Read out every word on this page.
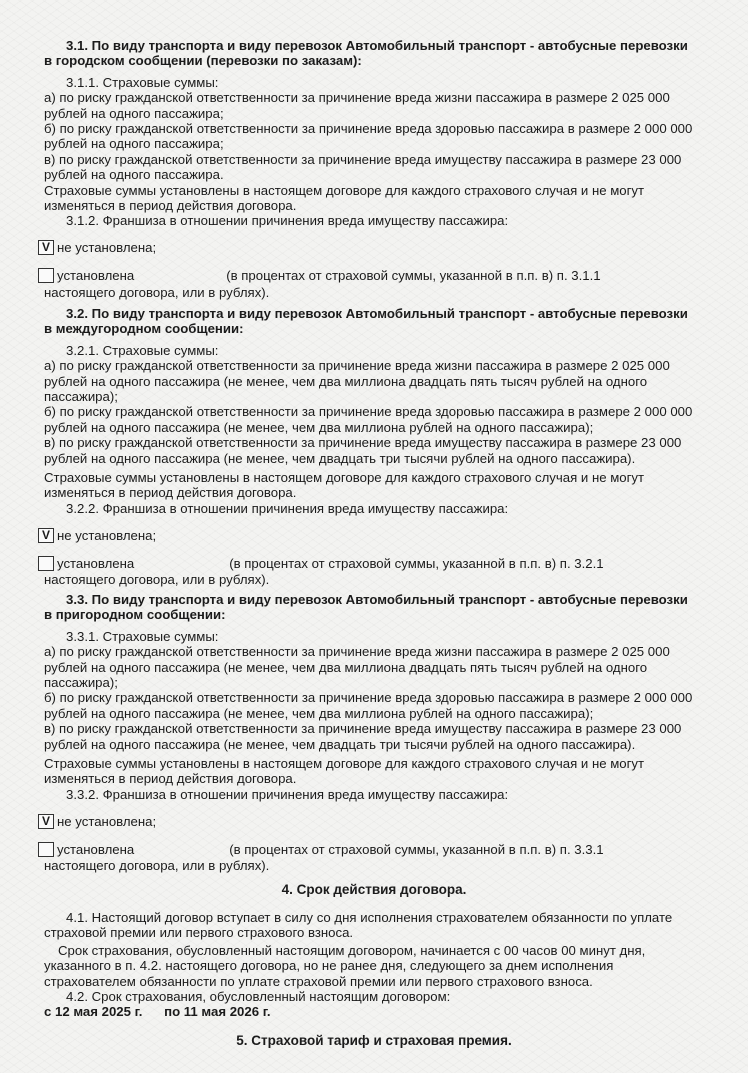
3.1. По виду транспорта и виду перевозок Автомобильный транспорт - автобусные перевозки

в городском сообщении (перевозки по заказам):

3.1.1. Страховые суммы:

а) по риску гражданской ответственности за причинение вреда жизни пассажира в размере 2 025 000

рублей на одного пассажира;

б) по риску гражданской ответственности за причинение вреда здоровью пассажира в размере 2 000 000

рублей на одного пассажира;

в) по риску гражданской ответственности за причинение вреда имуществу пассажира в размере 23 000

рублей на одного пассажира.

Страховые суммы установлены в настоящем договоре для каждого страхового случая и не могут

изменяться в период действия договора.

3.1.2. Франшиза в отношении причинения вреда имуществу пассажира:

V не установлена;
установлена	(в процентах от страховой суммы, указанной в п.п. в) п. 3.1.1

настоящего договора, или в рублях).

3.2. По виду транспорта и виду перевозок Автомобильный транспорт - автобусные перевозки

в междугородном сообщении:

3.2.1. Страховые суммы:

а) по риску гражданской ответственности за причинение вреда жизни пассажира в размере 2 025 000

рублей на одного пассажира (не менее, чем два миллиона двадцать пять тысяч рублей на одного

пассажира);

б) по риску гражданской ответственности за причинение вреда здоровью пассажира в размере 2 000 000

рублей на одного пассажира (не менее, чем два миллиона рублей на одного пассажира);

в) по риску гражданской ответственности за причинение вреда имуществу пассажира в размере 23 000

рублей на одного пассажира (не менее, чем двадцать три тысячи рублей на одного пассажира).

Страховые суммы установлены в настоящем договоре для каждого страхового случая и не могут

изменяться в период действия договора.

3.2.2. Франшиза в отношении причинения вреда имуществу пассажира:

V не установлена;
установлена	(в процентах от страховой суммы, указанной в п.п. в) п. 3.2.1

настоящего договора, или в рублях).

3.3. По виду транспорта и виду перевозок Автомобильный транспорт - автобусные перевозки

в пригородном сообщении:

3.3.1. Страховые суммы:

а) по риску гражданской ответственности за причинение вреда жизни пассажира в размере 2 025 000

рублей на одного пассажира (не менее, чем два миллиона двадцать пять тысяч рублей на одного

пассажира);

б) по риску гражданской ответственности за причинение вреда здоровью пассажира в размере 2 000 000

рублей на одного пассажира (не менее, чем два миллиона рублей на одного пассажира);

в) по риску гражданской ответственности за причинение вреда имуществу пассажира в размере 23 000

рублей на одного пассажира (не менее, чем двадцать три тысячи рублей на одного пассажира).

Страховые суммы установлены в настоящем договоре для каждого страхового случая и не могут

изменяться в период действия договора.

3.3.2. Франшиза в отношении причинения вреда имуществу пассажира:

V не установлена;
установлена	(в процентах от страховой суммы, указанной в п.п. в) п. 3.3.1

настоящего договора, или в рублях).

4. Срок действия договора.

4.1. Настоящий договор вступает в силу со дня исполнения страхователем обязанности по уплате

страховой премии или первого страхового взноса.

Срок страхования, обусловленный настоящим договором, начинается с 00 часов 00 минут дня,

указанного в п. 4.2. настоящего договора, но не ранее дня, следующего за днем исполнения

страхователем обязанности по уплате страховой премии или первого страхового взноса.

4.2. Срок страхования, обусловленный настоящим договором:

с 12 мая 2025 г. по 11 мая 2026 г.

5. Страховой тариф и страховая премия.
